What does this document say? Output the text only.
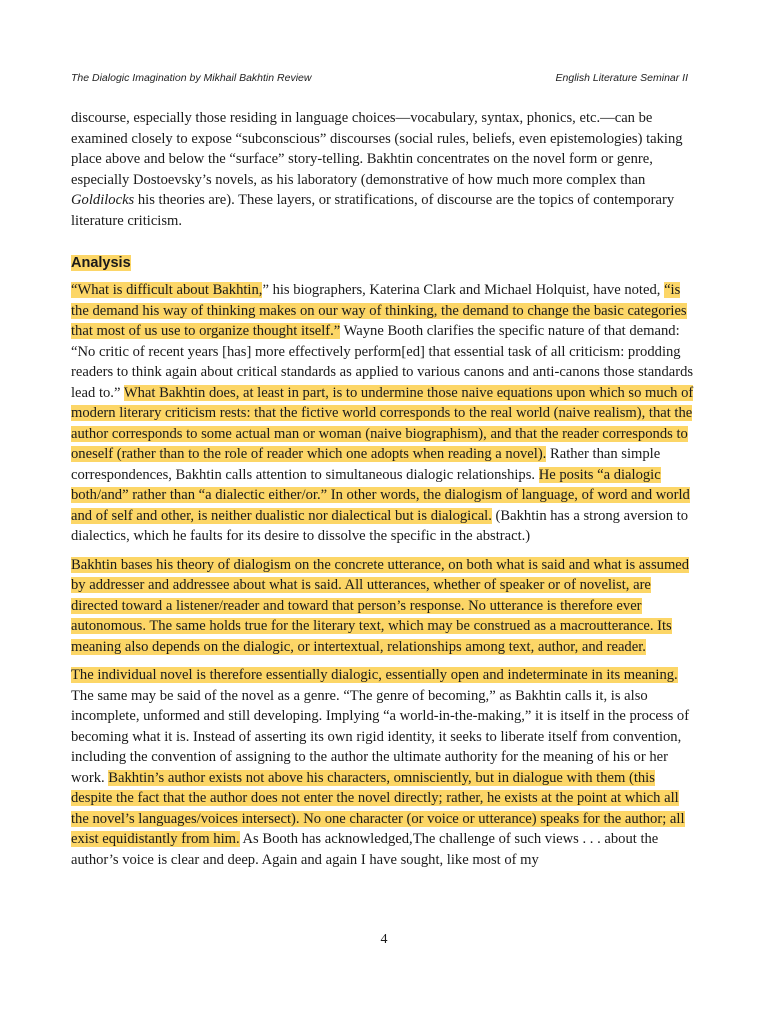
The Dialogic Imagination by Mikhail Bakhtin Review	English Literature Seminar II

discourse, especially those residing in language choices—vocabulary, syntax, phonics, etc.—can be examined closely to expose “subconscious” discourses (social rules, beliefs, even epistemologies) taking place above and below the “surface” story-telling. Bakhtin concentrates on the novel form or genre, especially Dostoevsky’s novels, as his laboratory (demonstrative of how much more complex than Goldilocks his theories are). These layers, or stratifications, of discourse are the topics of contemporary literature criticism.

Analysis

“What is difficult about Bakhtin,” his biographers, Katerina Clark and Michael Holquist, have noted, “is the demand his way of thinking makes on our way of thinking, the demand to change the basic categories that most of us use to organize thought itself.” Wayne Booth clarifies the specific nature of that demand: “No critic of recent years [has] more effectively perform[ed] that essential task of all criticism: prodding readers to think again about critical standards as applied to various canons and anti-canons those standards lead to.” What Bakhtin does, at least in part, is to undermine those naive equations upon which so much of modern literary criticism rests: that the fictive world corresponds to the real world (naive realism), that the author corresponds to some actual man or woman (naive biographism), and that the reader corresponds to oneself (rather than to the role of reader which one adopts when reading a novel). Rather than simple correspondences, Bakhtin calls attention to simultaneous dialogic relationships. He posits “a dialogic both/and” rather than “a dialectic either/or.” In other words, the dialogism of language, of word and world and of self and other, is neither dualistic nor dialectical but is dialogical. (Bakhtin has a strong aversion to dialectics, which he faults for its desire to dissolve the specific in the abstract.)

Bakhtin bases his theory of dialogism on the concrete utterance, on both what is said and what is assumed by addresser and addressee about what is said. All utterances, whether of speaker or of novelist, are directed toward a listener/reader and toward that person’s response. No utterance is therefore ever autonomous. The same holds true for the literary text, which may be construed as a macroutterance. Its meaning also depends on the dialogic, or intertextual, relationships among text, author, and reader.

The individual novel is therefore essentially dialogic, essentially open and indeterminate in its meaning. The same may be said of the novel as a genre. “The genre of becoming,” as Bakhtin calls it, is also incomplete, unformed and still developing. Implying “a world-in-the-making,” it is itself in the process of becoming what it is. Instead of asserting its own rigid identity, it seeks to liberate itself from convention, including the convention of assigning to the author the ultimate authority for the meaning of his or her work. Bakhtin’s author exists not above his characters, omnisciently, but in dialogue with them (this despite the fact that the author does not enter the novel directly; rather, he exists at the point at which all the novel’s languages/voices intersect). No one character (or voice or utterance) speaks for the author; all exist equidistantly from him. As Booth has acknowledged,The challenge of such views . . . about the author’s voice is clear and deep. Again and again I have sought, like most of my

4
